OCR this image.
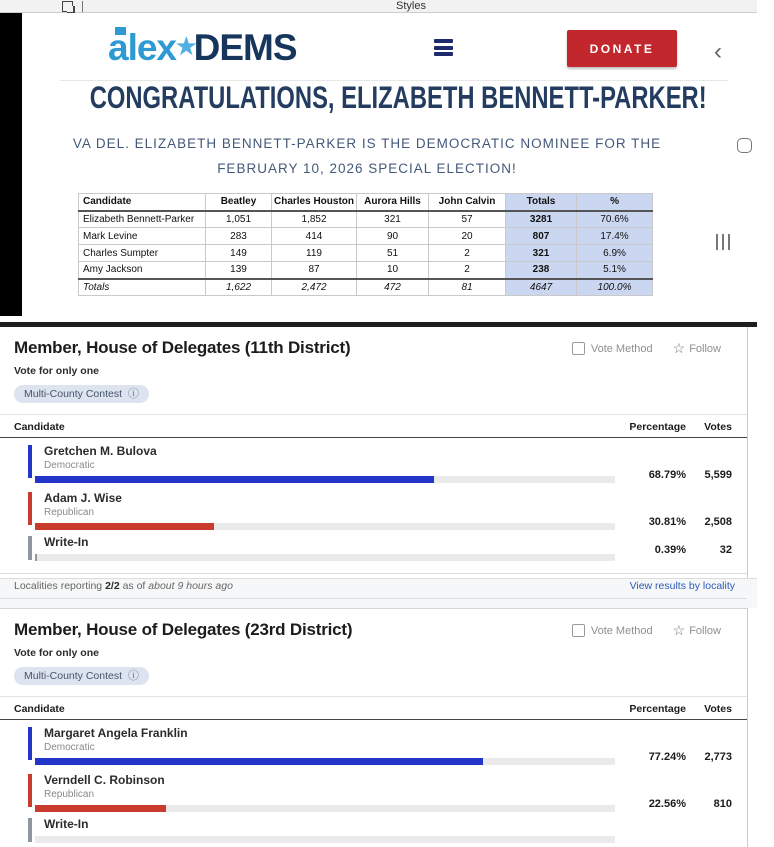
Styles
alex★DEMS	DONATE	‹
CONGRATULATIONS, ELIZABETH BENNETT-PARKER!
VA DEL. ELIZABETH BENNETT-PARKER IS THE DEMOCRATIC NOMINEE FOR THE
FEBRUARY 10, 2026 SPECIAL ELECTION!
Candidate	Beatley	Charles Houston	Aurora Hills	John Calvin	Totals	%
Elizabeth Bennett-Parker	1,051	1,852	321	57	3281	70.6%
Mark Levine	283	414	90	20	807	17.4%
Charles Sumpter	149	119	51	2	321	6.9%
Amy Jackson	139	87	10	2	238	5.1%
Totals	1,622	2,472	472	81	4647	100.0%
Member, House of Delegates (11th District)	Vote Method ☆ Follow
Vote for only one
Multi-County Contest ⓘ
Candidate	Percentage Votes
Gretchen M. Bulova
Democratic
68.79% 5,599
Adam J. Wise
Republican
30.81% 2,508
Write-In
0.39%	32
Localities reporting 2/2 as of about 9 hours ago	View results by locality
Member, House of Delegates (23rd District)	Vote Method ☆ Follow
Vote for only one
Multi-County Contest ⓘ
Candidate	Percentage Votes
Margaret Angela Franklin
Democratic
77.24% 2,773
Verndell C. Robinson
Republican
22.56%	810
Write-In
